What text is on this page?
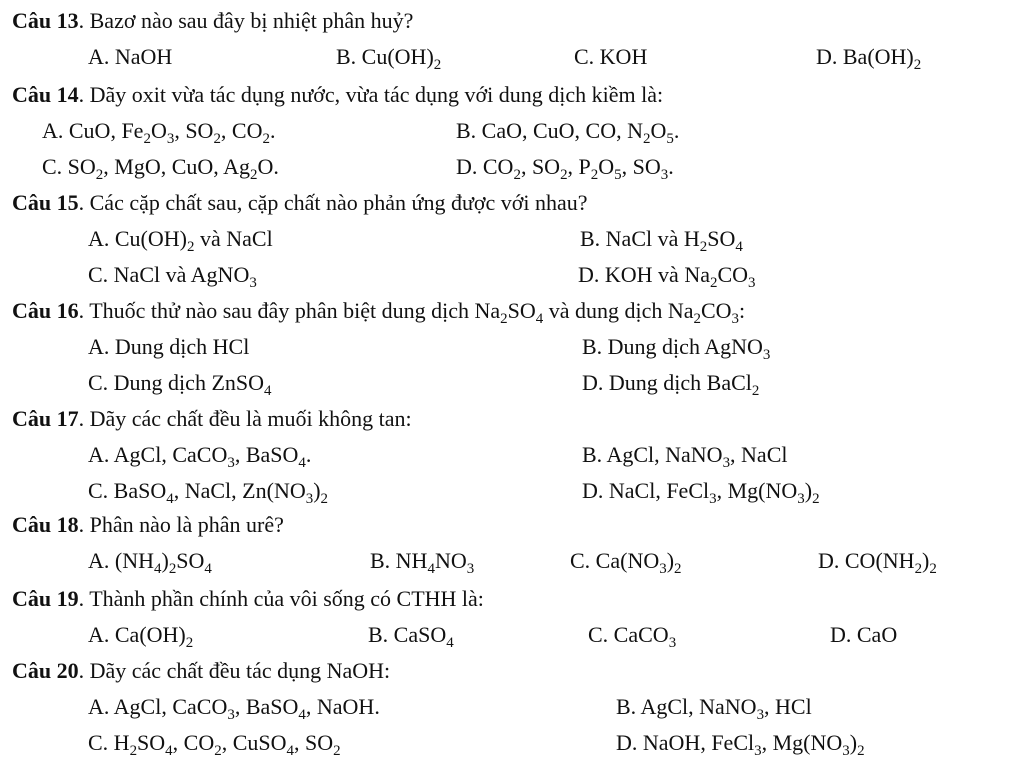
Câu 13. Bazơ nào sau đây bị nhiệt phân huỷ?
A. NaOH	B. $Cu(OH)_2$	C. KOH	D. $Ba(OH)_2$
Câu 14. Dãy oxit vừa tác dụng nước, vừa tác dụng với dung dịch kiềm là:
A. CuO, $Fe_2O_3$, $SO_2$, $CO_2$.	B. CaO, CuO, CO, $N_2O_5$.
C. $SO_2$, MgO, CuO, $Ag_2O$.	D. $CO_2$, $SO_2$, $P_2O_5$, $SO_3$.
Câu 15. Các cặp chất sau, cặp chất nào phản ứng được với nhau?
A. $Cu(OH)_2$ và NaCl	B. NaCl và $H_2SO_4$
C. NaCl và AgNO$_3$	D. KOH và $Na_2CO_3$
Câu 16. Thuốc thử nào sau đây phân biệt dung dịch $Na_2SO_4$ và dung dịch $Na_2CO_3$:
A. Dung dịch HCl	B. Dung dịch AgNO$_3$
C. Dung dịch ZnSO$_4$	D. Dung dịch BaCl$_2$
Câu 17. Dãy các chất đều là muối không tan:
A. AgCl, CaCO$_3$, BaSO$_4$.	B. AgCl, NaNO$_3$, NaCl
C. BaSO$_4$, NaCl, $Zn(NO_3)_2$	D. NaCl, FeCl$_3$, $Mg(NO_3)_2$
Câu 18. Phân nào là phân urê?
A. $(NH_4)_2SO_4$	B. $NH_4NO_3$	C. $Ca(NO_3)_2$	D. $CO(NH_2)_2$
Câu 19. Thành phần chính của vôi sống có CTHH là:
A. $Ca(OH)_2$	B. CaSO$_4$	C. CaCO$_3$	D. CaO
Câu 20. Dãy các chất đều tác dụng NaOH:
A. AgCl, CaCO$_3$, BaSO$_4$, NaOH.	B. AgCl, NaNO$_3$, HCl
C. $H_2SO_4$, $CO_2$, CuSO$_4$, $SO_2$	D. NaOH, FeCl$_3$, $Mg(NO_3)_2$
